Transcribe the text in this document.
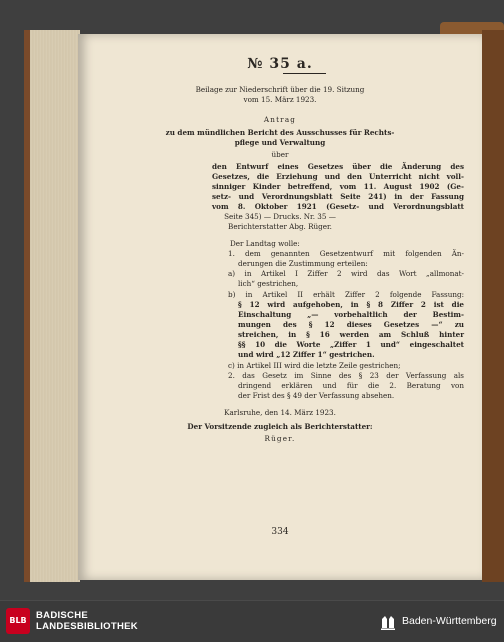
№ 35 a.
Beilage zur Niederschrift über die 19. Sitzung
vom 15. März 1923.
Antrag
zu dem mündlichen Bericht des Ausschusses für Rechts-
pflege und Verwaltung
über
den Entwurf eines Gesetzes über die Änderung des
Gesetzes, die Erziehung und den Unterricht nicht voll-
sinniger Kinder betreffend, vom 11. August 1902 (Ge-
setz- und Verordnungsblatt Seite 241) in der Fassung
vom 8. Oktober 1921 (Gesetz- und Verordnungsblatt
Seite 345) — Drucks. Nr. 35 —
Berichterstatter Abg. Rüger.
Der Landtag wolle:
1. dem genannten Gesetzentwurf mit folgenden Än-
derungen die Zustimmung erteilen:
a) in Artikel I Ziffer 2 wird das Wort „allmonat-
lich“ gestrichen,
b) in Artikel II erhält Ziffer 2 folgende Fassung:
§ 12 wird aufgehoben, in § 8 Ziffer 2 ist die
Einschaltung „— vorbehaltlich der Bestim-
mungen des § 12 dieses Gesetzes —“ zu
streichen, in § 16 werden am Schluß hinter
§§ 10 die Worte „Ziffer 1 und“ eingeschaltet
und wird „12 Ziffer 1“ gestrichen.
c) in Artikel III wird die letzte Zeile gestrichen;
2. das Gesetz im Sinne des § 23 der Verfassung als
dringend erklären und für die 2. Beratung von
der Frist des § 49 der Verfassung absehen.
Karlsruhe, den 14. März 1923.
Der Vorsitzende zugleich als Berichterstatter:
Rüger.
334
BLB BADISCHE
LANDESBIBLIOTHEK	Baden-Württemberg
